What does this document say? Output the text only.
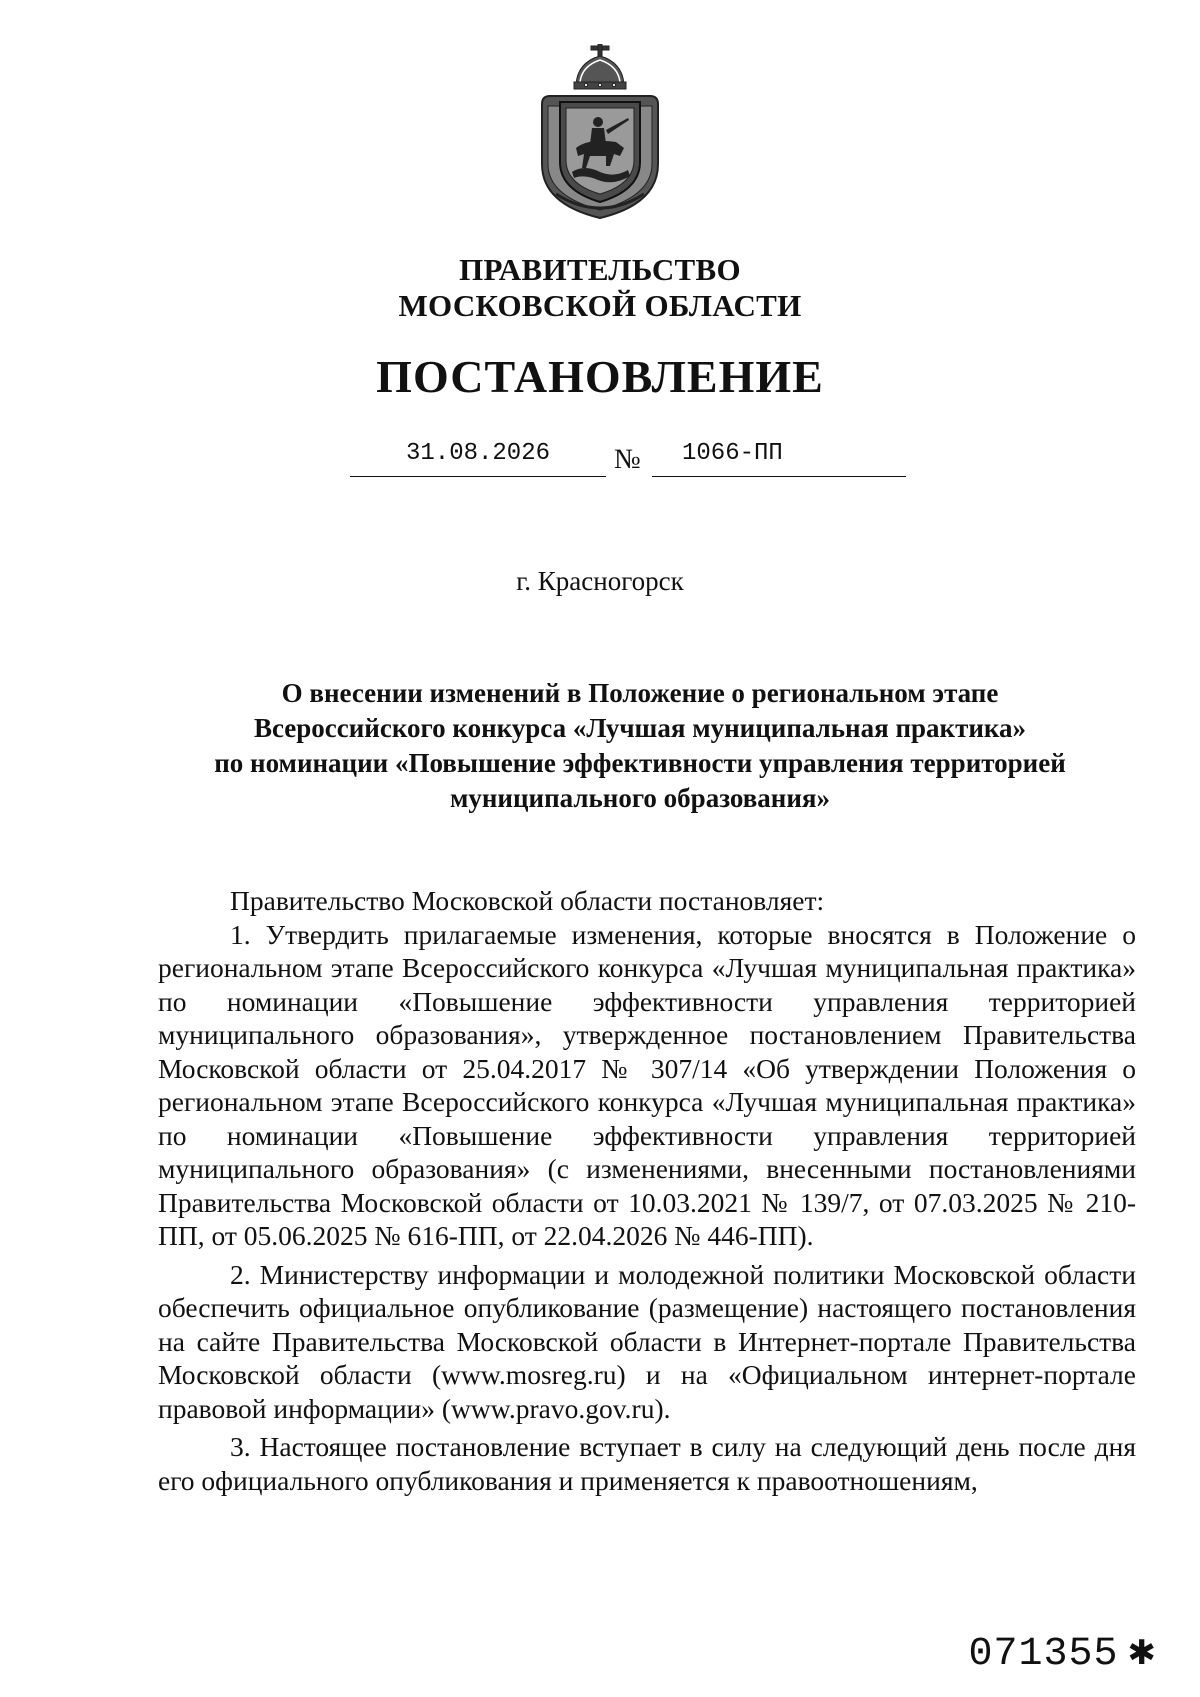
ПРАВИТЕЛЬСТВО
МОСКОВСКОЙ ОБЛАСТИ
ПОСТАНОВЛЕНИЕ
31.08.2026	№	1066-ПП
г. Красногорск
О внесении изменений в Положение о региональном этапе
Всероссийского конкурса «Лучшая муниципальная практика»
по номинации «Повышение эффективности управления территорией
муниципального образования»

Правительство Московской области постановляет:

1. Утвердить прилагаемые изменения, которые вносятся в Положение о региональном этапе Всероссийского конкурса «Лучшая муниципальная практика» по номинации «Повышение эффективности управления территорией муниципального образования», утвержденное постановлением Правительства Московской области от 25.04.2017 № 307/14 «Об утверждении Положения о региональном этапе Всероссийского конкурса «Лучшая муниципальная практика» по номинации «Повышение эффективности управления территорией муниципального образования» (с изменениями, внесенными постановлениями Правительства Московской области от 10.03.2021 № 139/7, от 07.03.2025 № 210-ПП, от 05.06.2025 № 616-ПП, от 22.04.2026 № 446-ПП).

2. Министерству информации и молодежной политики Московской области обеспечить официальное опубликование (размещение) настоящего постановления на сайте Правительства Московской области в Интернет-портале Правительства Московской области (www.mosreg.ru) и на «Официальном интернет-портале правовой информации» (www.pravo.gov.ru).

3. Настоящее постановление вступает в силу на следующий день после дня его официального опубликования и применяется к правоотношениям,

071355 ✱
